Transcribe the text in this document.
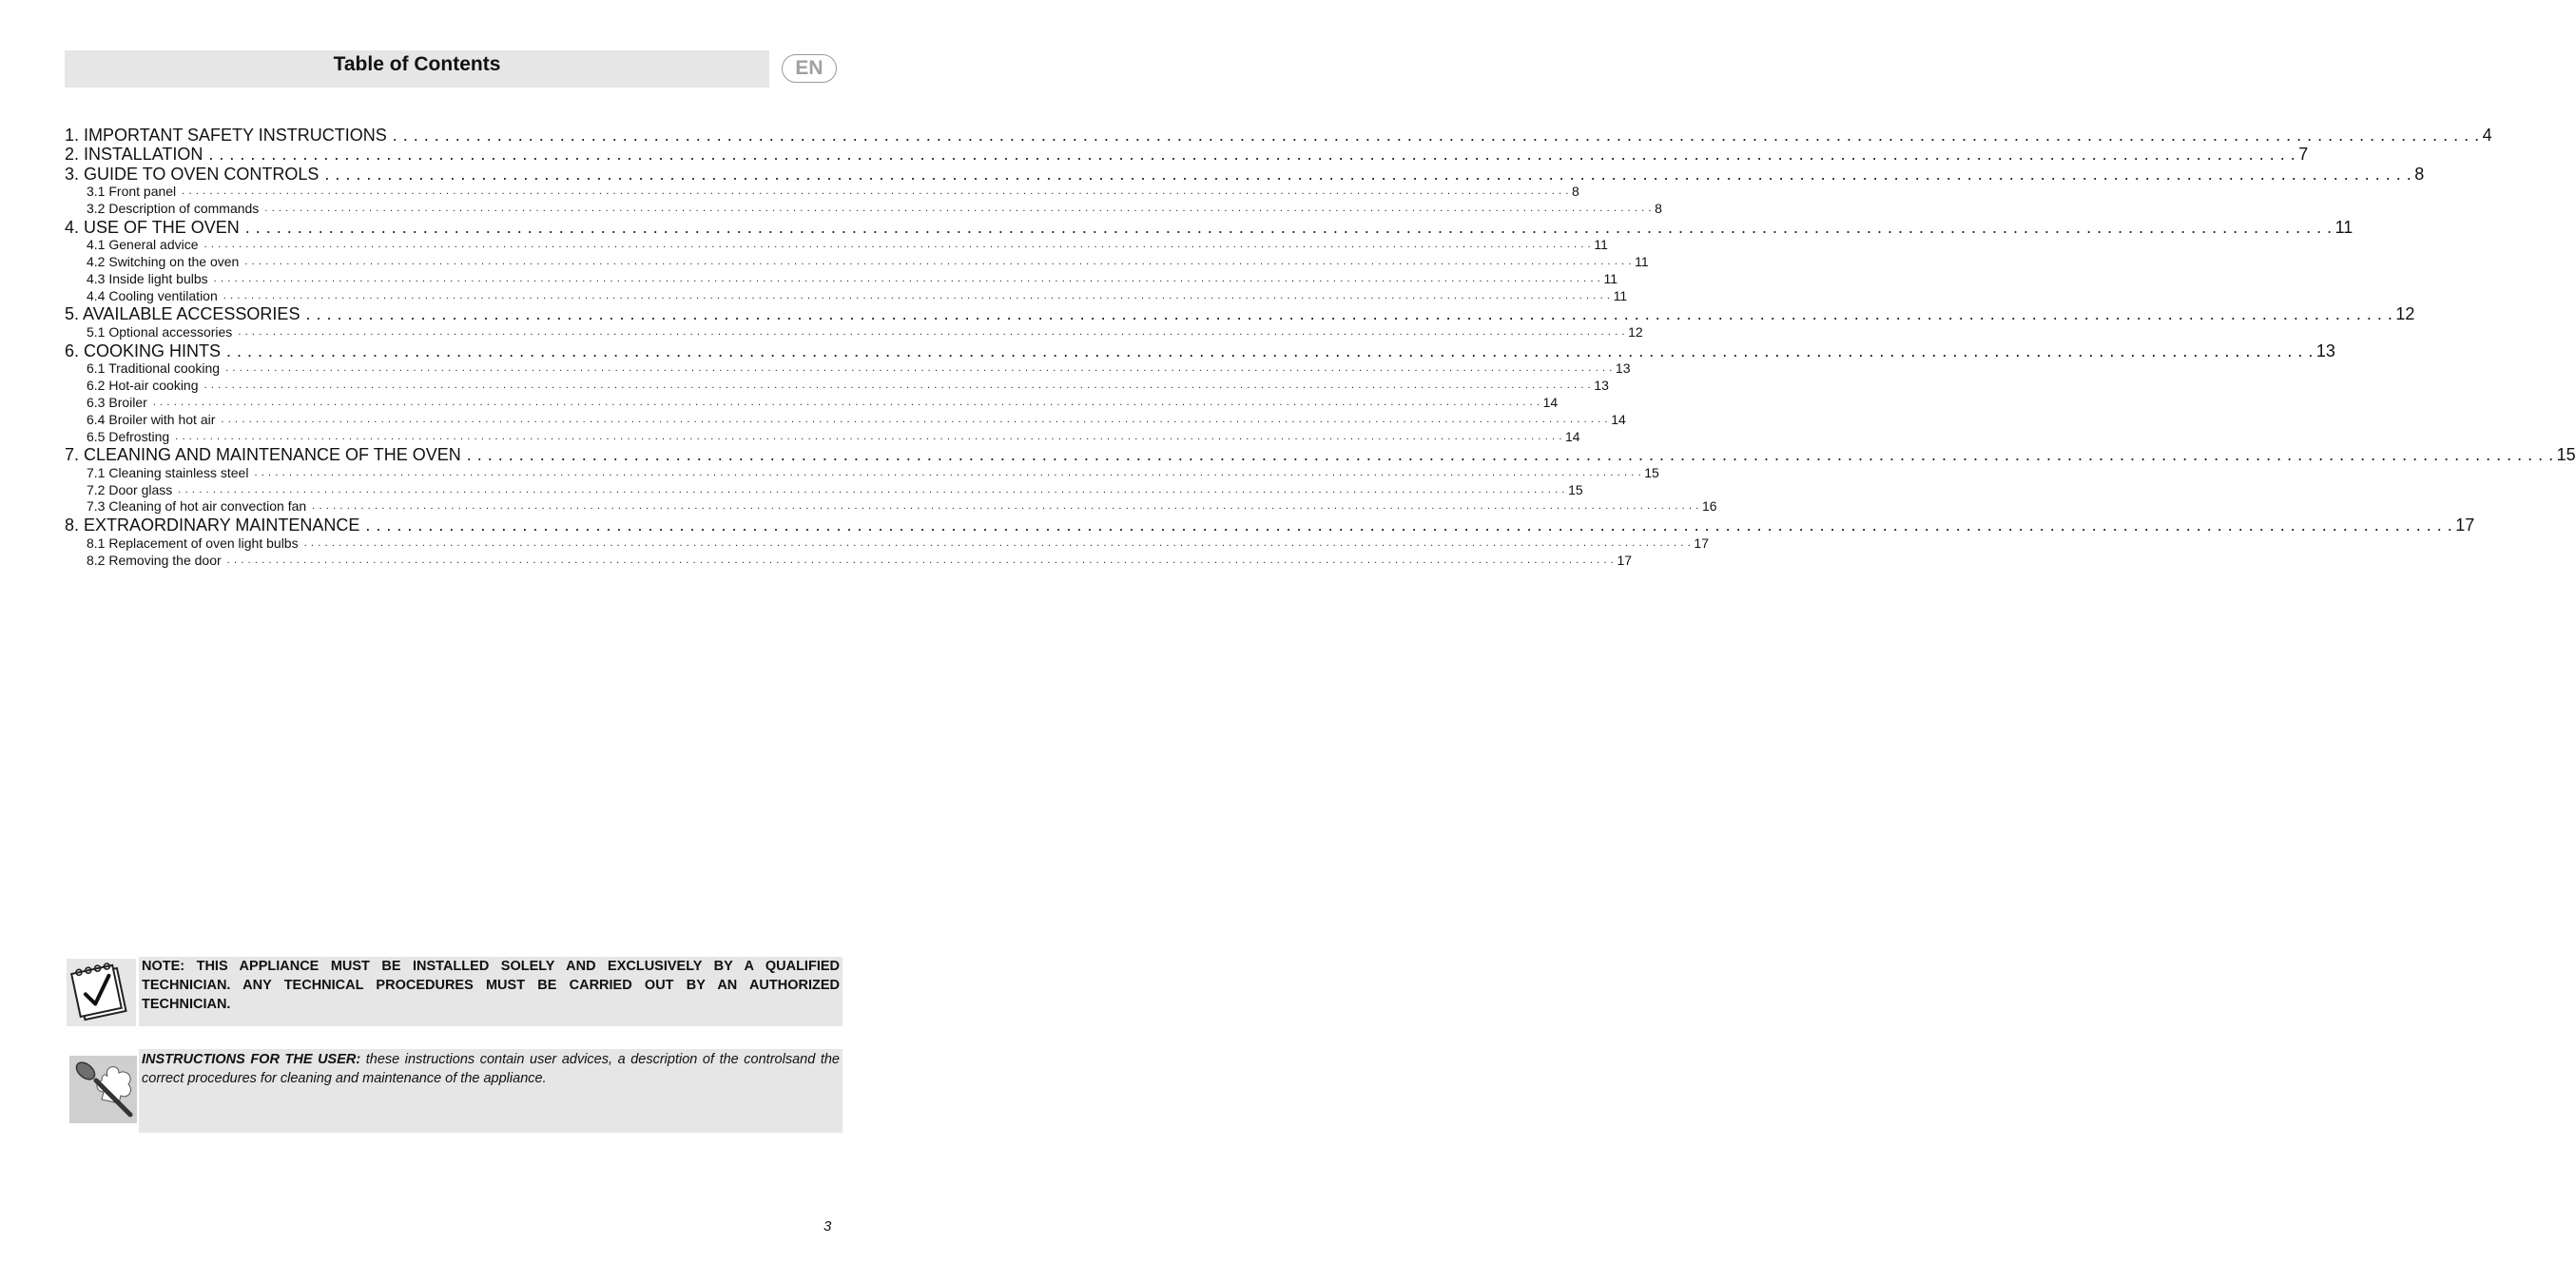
Table of Contents	EN
1. IMPORTANT SAFETY INSTRUCTIONS . . . . . . . . . . . . . . . . . . . . . . . . . . . . . . . . . . . . . . . . . . . . . . . . . . . . . . . . . . . . . . . . . . . . . . . . . . . . . . . . . . . . . . . . . . . . . . . . . . . . . . . . . . . . . . . . . . . . . . . . . . . . . . . . . . . . . . . . . . . . . . . . . . . . . . . . . . . . . . . . . . . . . . . . . . . . . . . . . . . . . . . . . . . . . . . . . . . . . . . . 4
2. INSTALLATION . . . . . . . . . . . . . . . . . . . . . . . . . . . . . . . . . . . . . . . . . . . . . . . . . . . . . . . . . . . . . . . . . . . . . . . . . . . . . . . . . . . . . . . . . . . . . . . . . . . . . . . . . . . . . . . . . . . . . . . . . . . . . . . . . . . . . . . . . . . . . . . . . . . . . . . . . . . . . . . . . . . . . . . . . . . . . . . . . . . . . . . . . . . . . . . . . . . . . . . . 7
3. GUIDE TO OVEN CONTROLS . . . . . . . . . . . . . . . . . . . . . . . . . . . . . . . . . . . . . . . . . . . . . . . . . . . . . . . . . . . . . . . . . . . . . . . . . . . . . . . . . . . . . . . . . . . . . . . . . . . . . . . . . . . . . . . . . . . . . . . . . . . . . . . . . . . . . . . . . . . . . . . . . . . . . . . . . . . . . . . . . . . . . . . . . . . . . . . . . . . . . . . . . . . . . . . . . . . . . . . . 8
3.1 Front panel . . . . . . . . . . . . . . . . . . . . . . . . . . . . . . . . . . . . . . . . . . . . . . . . . . . . . . . . . . . . . . . . . . . . . . . . . . . . . . . . . . . . . . . . . . . . . . . . . . . . . . . . . . . . . . . . . . . . . . . . . . . . . . . . . . . . . . . . . . . . . . . . . . . . . . . . . . . . . . . . . . . . . . . . . . . . . . . . . . . . . . . . . . . . . . . . . . . . . . . . 8
3.2 Description of commands . . . . . . . . . . . . . . . . . . . . . . . . . . . . . . . . . . . . . . . . . . . . . . . . . . . . . . . . . . . . . . . . . . . . . . . . . . . . . . . . . . . . . . . . . . . . . . . . . . . . . . . . . . . . . . . . . . . . . . . . . . . . . . . . . . . . . . . . . . . . . . . . . . . . . . . . . . . . . . . . . . . . . . . . . . . . . . . . . . . . . . . . . . . . . . . . . . . . . . . . 8
4. USE OF THE OVEN . . . . . . . . . . . . . . . . . . . . . . . . . . . . . . . . . . . . . . . . . . . . . . . . . . . . . . . . . . . . . . . . . . . . . . . . . . . . . . . . . . . . . . . . . . . . . . . . . . . . . . . . . . . . . . . . . . . . . . . . . . . . . . . . . . . . . . . . . . . . . . . . . . . . . . . . . . . . . . . . . . . . . . . . . . . . . . . . . . . . . . . . . . . . . . . . . . . . . . . . 11
4.1 General advice . . . . . . . . . . . . . . . . . . . . . . . . . . . . . . . . . . . . . . . . . . . . . . . . . . . . . . . . . . . . . . . . . . . . . . . . . . . . . . . . . . . . . . . . . . . . . . . . . . . . . . . . . . . . . . . . . . . . . . . . . . . . . . . . . . . . . . . . . . . . . . . . . . . . . . . . . . . . . . . . . . . . . . . . . . . . . . . . . . . . . . . . . . . . . . . . . . . . . . . . 11
4.2 Switching on the oven . . . . . . . . . . . . . . . . . . . . . . . . . . . . . . . . . . . . . . . . . . . . . . . . . . . . . . . . . . . . . . . . . . . . . . . . . . . . . . . . . . . . . . . . . . . . . . . . . . . . . . . . . . . . . . . . . . . . . . . . . . . . . . . . . . . . . . . . . . . . . . . . . . . . . . . . . . . . . . . . . . . . . . . . . . . . . . . . . . . . . . . . . . . . . . . . . . . . . . . . 11
4.3 Inside light bulbs . . . . . . . . . . . . . . . . . . . . . . . . . . . . . . . . . . . . . . . . . . . . . . . . . . . . . . . . . . . . . . . . . . . . . . . . . . . . . . . . . . . . . . . . . . . . . . . . . . . . . . . . . . . . . . . . . . . . . . . . . . . . . . . . . . . . . . . . . . . . . . . . . . . . . . . . . . . . . . . . . . . . . . . . . . . . . . . . . . . . . . . . . . . . . . . . . . . . . . . . 11
4.4 Cooling ventilation . . . . . . . . . . . . . . . . . . . . . . . . . . . . . . . . . . . . . . . . . . . . . . . . . . . . . . . . . . . . . . . . . . . . . . . . . . . . . . . . . . . . . . . . . . . . . . . . . . . . . . . . . . . . . . . . . . . . . . . . . . . . . . . . . . . . . . . . . . . . . . . . . . . . . . . . . . . . . . . . . . . . . . . . . . . . . . . . . . . . . . . . . . . . . . . . . . . . . . . . 11
5. AVAILABLE ACCESSORIES . . . . . . . . . . . . . . . . . . . . . . . . . . . . . . . . . . . . . . . . . . . . . . . . . . . . . . . . . . . . . . . . . . . . . . . . . . . . . . . . . . . . . . . . . . . . . . . . . . . . . . . . . . . . . . . . . . . . . . . . . . . . . . . . . . . . . . . . . . . . . . . . . . . . . . . . . . . . . . . . . . . . . . . . . . . . . . . . . . . . . . . . . . . . . . . . . . . . . . . . 12
5.1 Optional accessories . . . . . . . . . . . . . . . . . . . . . . . . . . . . . . . . . . . . . . . . . . . . . . . . . . . . . . . . . . . . . . . . . . . . . . . . . . . . . . . . . . . . . . . . . . . . . . . . . . . . . . . . . . . . . . . . . . . . . . . . . . . . . . . . . . . . . . . . . . . . . . . . . . . . . . . . . . . . . . . . . . . . . . . . . . . . . . . . . . . . . . . . . . . . . . . . . . . . . . . . 12
6. COOKING HINTS . . . . . . . . . . . . . . . . . . . . . . . . . . . . . . . . . . . . . . . . . . . . . . . . . . . . . . . . . . . . . . . . . . . . . . . . . . . . . . . . . . . . . . . . . . . . . . . . . . . . . . . . . . . . . . . . . . . . . . . . . . . . . . . . . . . . . . . . . . . . . . . . . . . . . . . . . . . . . . . . . . . . . . . . . . . . . . . . . . . . . . . . . . . . . . . . . . . . . . . . 13
6.1 Traditional cooking . . . . . . . . . . . . . . . . . . . . . . . . . . . . . . . . . . . . . . . . . . . . . . . . . . . . . . . . . . . . . . . . . . . . . . . . . . . . . . . . . . . . . . . . . . . . . . . . . . . . . . . . . . . . . . . . . . . . . . . . . . . . . . . . . . . . . . . . . . . . . . . . . . . . . . . . . . . . . . . . . . . . . . . . . . . . . . . . . . . . . . . . . . . . . . . . . . . . . . . . 13
6.2 Hot-air cooking . . . . . . . . . . . . . . . . . . . . . . . . . . . . . . . . . . . . . . . . . . . . . . . . . . . . . . . . . . . . . . . . . . . . . . . . . . . . . . . . . . . . . . . . . . . . . . . . . . . . . . . . . . . . . . . . . . . . . . . . . . . . . . . . . . . . . . . . . . . . . . . . . . . . . . . . . . . . . . . . . . . . . . . . . . . . . . . . . . . . . . . . . . . . . . . . . . . . . . . . 13
6.3 Broiler . . . . . . . . . . . . . . . . . . . . . . . . . . . . . . . . . . . . . . . . . . . . . . . . . . . . . . . . . . . . . . . . . . . . . . . . . . . . . . . . . . . . . . . . . . . . . . . . . . . . . . . . . . . . . . . . . . . . . . . . . . . . . . . . . . . . . . . . . . . . . . . . . . . . . . . . . . . . . . . . . . . . . . . . . . . . . . . . . . . . . . . . . . . . . . . . . . . . . . . . 14
6.4 Broiler with hot air . . . . . . . . . . . . . . . . . . . . . . . . . . . . . . . . . . . . . . . . . . . . . . . . . . . . . . . . . . . . . . . . . . . . . . . . . . . . . . . . . . . . . . . . . . . . . . . . . . . . . . . . . . . . . . . . . . . . . . . . . . . . . . . . . . . . . . . . . . . . . . . . . . . . . . . . . . . . . . . . . . . . . . . . . . . . . . . . . . . . . . . . . . . . . . . . . . . . . . . . 14
6.5 Defrosting . . . . . . . . . . . . . . . . . . . . . . . . . . . . . . . . . . . . . . . . . . . . . . . . . . . . . . . . . . . . . . . . . . . . . . . . . . . . . . . . . . . . . . . . . . . . . . . . . . . . . . . . . . . . . . . . . . . . . . . . . . . . . . . . . . . . . . . . . . . . . . . . . . . . . . . . . . . . . . . . . . . . . . . . . . . . . . . . . . . . . . . . . . . . . . . . . . . . . . . . 14
7. CLEANING AND MAINTENANCE OF THE OVEN . . . . . . . . . . . . . . . . . . . . . . . . . . . . . . . . . . . . . . . . . . . . . . . . . . . . . . . . . . . . . . . . . . . . . . . . . . . . . . . . . . . . . . . . . . . . . . . . . . . . . . . . . . . . . . . . . . . . . . . . . . . . . . . . . . . . . . . . . . . . . . . . . . . . . . . . . . . . . . . . . . . . . . . . . . . . . . . . . . . . . . . . . . . . . . . . . . . . . . . . 15
7.1 Cleaning stainless steel . . . . . . . . . . . . . . . . . . . . . . . . . . . . . . . . . . . . . . . . . . . . . . . . . . . . . . . . . . . . . . . . . . . . . . . . . . . . . . . . . . . . . . . . . . . . . . . . . . . . . . . . . . . . . . . . . . . . . . . . . . . . . . . . . . . . . . . . . . . . . . . . . . . . . . . . . . . . . . . . . . . . . . . . . . . . . . . . . . . . . . . . . . . . . . . . . . . . . . . . 15
7.2 Door glass . . . . . . . . . . . . . . . . . . . . . . . . . . . . . . . . . . . . . . . . . . . . . . . . . . . . . . . . . . . . . . . . . . . . . . . . . . . . . . . . . . . . . . . . . . . . . . . . . . . . . . . . . . . . . . . . . . . . . . . . . . . . . . . . . . . . . . . . . . . . . . . . . . . . . . . . . . . . . . . . . . . . . . . . . . . . . . . . . . . . . . . . . . . . . . . . . . . . . . . . 15
7.3 Cleaning of hot air convection fan . . . . . . . . . . . . . . . . . . . . . . . . . . . . . . . . . . . . . . . . . . . . . . . . . . . . . . . . . . . . . . . . . . . . . . . . . . . . . . . . . . . . . . . . . . . . . . . . . . . . . . . . . . . . . . . . . . . . . . . . . . . . . . . . . . . . . . . . . . . . . . . . . . . . . . . . . . . . . . . . . . . . . . . . . . . . . . . . . . . . . . . . . . . . . . . . . . . . . . . . 16
8. EXTRAORDINARY MAINTENANCE . . . . . . . . . . . . . . . . . . . . . . . . . . . . . . . . . . . . . . . . . . . . . . . . . . . . . . . . . . . . . . . . . . . . . . . . . . . . . . . . . . . . . . . . . . . . . . . . . . . . . . . . . . . . . . . . . . . . . . . . . . . . . . . . . . . . . . . . . . . . . . . . . . . . . . . . . . . . . . . . . . . . . . . . . . . . . . . . . . . . . . . . . . . . . . . . . . . . . . . . 17
8.1 Replacement of oven light bulbs . . . . . . . . . . . . . . . . . . . . . . . . . . . . . . . . . . . . . . . . . . . . . . . . . . . . . . . . . . . . . . . . . . . . . . . . . . . . . . . . . . . . . . . . . . . . . . . . . . . . . . . . . . . . . . . . . . . . . . . . . . . . . . . . . . . . . . . . . . . . . . . . . . . . . . . . . . . . . . . . . . . . . . . . . . . . . . . . . . . . . . . . . . . . . . . . . . . . . . . . 17
8.2 Removing the door . . . . . . . . . . . . . . . . . . . . . . . . . . . . . . . . . . . . . . . . . . . . . . . . . . . . . . . . . . . . . . . . . . . . . . . . . . . . . . . . . . . . . . . . . . . . . . . . . . . . . . . . . . . . . . . . . . . . . . . . . . . . . . . . . . . . . . . . . . . . . . . . . . . . . . . . . . . . . . . . . . . . . . . . . . . . . . . . . . . . . . . . . . . . . . . . . . . . . . . . 17
NOTE: THIS APPLIANCE MUST BE INSTALLED SOLELY AND EXCLUSIVELY BY A QUALIFIED TECHNICIAN. ANY TECHNICAL PROCEDURES MUST BE CARRIED OUT BY AN AUTHORIZED TECHNICIAN.
INSTRUCTIONS FOR THE USER: these instructions contain user advices, a description of the controlsand the correct procedures for cleaning and maintenance of the appliance.
3
